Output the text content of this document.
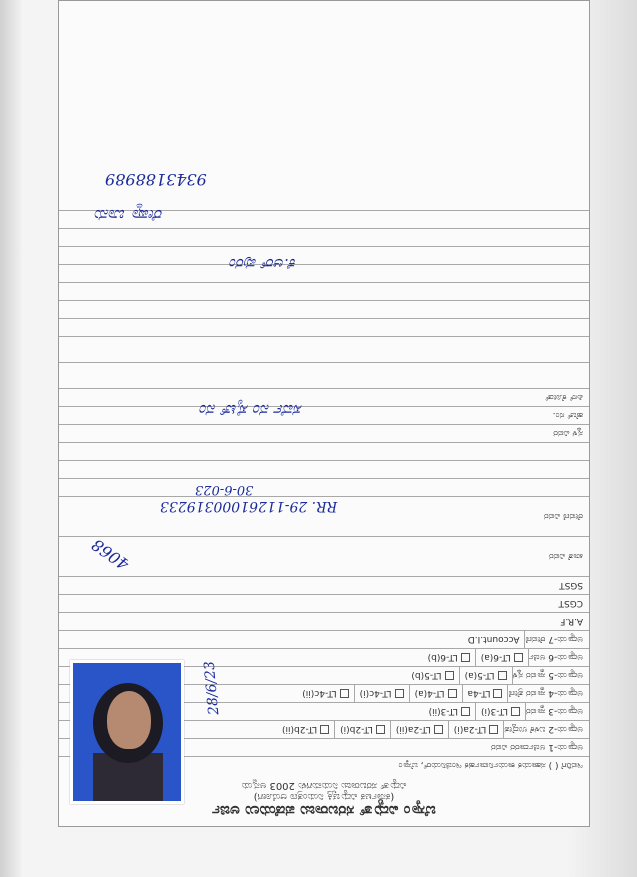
ಬೆಸ್ಕಾಂ ವಿದ್ಯುತ್ ಸರಬರಾಜು ಪಡೆಯಲು ಅರ್ಜಿ
(ಕರ್ನಾಟಕ ವಿದ್ಯುಚ್ಛಕ್ತಿ ನಿಯಂತ್ರಣ ಆಯೋಗ)
ವಿದ್ಯುತ್ ಸರಬರಾಜು ನಿಯಮಗಳು 2003 ಅನ್ವಯ
ಇವರಿಗೆ ( ) ಸಹಾಯಕ ಕಾರ್ಯನಿರ್ವಾಹಕ ಇಂಜಿನಿಯರ್, ಬೆಸ್ಕಾಂ
ಅಧ್ಯಾಯ-1 ಅರ್ಜಿದಾರರ ವಿವರ
ಅಧ್ಯಾಯ-2 ಬಳಕೆ ಉದ್ದೇಶ
LT-2a(i)
LT-2a(ii)
LT-2b(i)
LT-2b(ii)
ಅಧ್ಯಾಯ-3 ಸ್ಥಾವರ
LT-3(i)
LT-3(ii)
ಅಧ್ಯಾಯ-4 ಸ್ಥಾವರ ಶ್ರೇಣಿ
LT-4a
LT-4(a)
LT-4c(i)
LT-4c(ii)
ಅಧ್ಯಾಯ-5 ಸ್ಥಾವರ ಸ್ಥಳ
LT-5(a)
LT-5(b)
ಅಧ್ಯಾಯ-6 ಅರ್ಜಿ
LT-6(a)
LT-6(b)
ಅಧ್ಯಾಯ-7 ಠೇವಣಿ
Account.I.D
A.R.F
CGST
SGST
ಖಾತೆ ವಿವರ
ಠೇವಣಿ ವಿವರ
ಸ್ಥಳ ವಿವರ
ಹೆಚ್ ನಂ.
ಪಿನ್ ಕೋಡ್
28/6/23
4068
RR. 29-11261000319233
30-6-023
ಸರ್ವೆ ನಂ ಸೈಟ್ ನಂ
ಕೆ.ಆರ್ ಪುರಂ
ರೇಷ್ಮಾ ಬಾನು
9343188989
